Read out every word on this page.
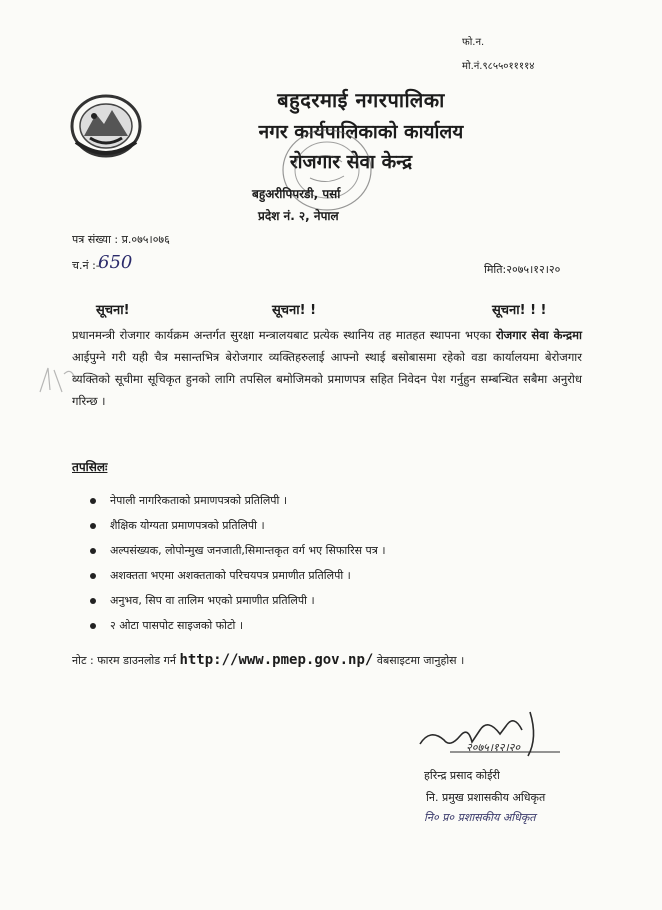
फो.न.
मो.नं.९८५५०११११४
बहुदरमाई नगरपालिका
नगर कार्यपालिकाको कार्यालय
रोजगार सेवा केन्द्र
बहुअरीपिपरडी, पर्सा
प्रदेश नं. २, नेपाल
पत्र संख्या : प्र.०७५।०७६
च.नं :-
650	मिति:२०७५।१२।२०
सूचना!	सूचना! !	सूचना! ! !
प्रधानमन्त्री रोजगार कार्यक्रम अन्तर्गत सुरक्षा मन्त्रालयबाट प्रत्येक स्थानिय तह मातहत स्थापना भएका रोजगार सेवा केन्द्रमा आईपुग्ने गरी यही चैत्र मसान्तभित्र बेरोजगार व्यक्तिहरुलाई आफ्नो स्थाई बसोबासमा रहेको वडा कार्यालयमा बेरोजगार व्यक्तिको सूचीमा सूचिकृत हुनको लागि तपसिल बमोजिमको प्रमाणपत्र सहित निवेदन पेश गर्नुहुन सम्बन्धित सबैमा अनुरोध गरिन्छ ।
तपसिलः
नेपाली नागरिकताको प्रमाणपत्रको प्रतिलिपी ।
शैक्षिक योग्यता प्रमाणपत्रको प्रतिलिपी ।
अल्पसंख्यक, लोपोन्मुख जनजाती,सिमान्तकृत वर्ग भए सिफारिस पत्र ।
अशक्तता भएमा अशक्तताको परिचयपत्र प्रमाणीत प्रतिलिपी ।
अनुभव, सिप वा तालिम भएको प्रमाणीत प्रतिलिपी ।
२ ओटा पासपोट साइजको फोटो ।
नोट : फारम डाउनलोड गर्न http://www.pmep.gov.np/ वेबसाइटमा जानुहोस ।
२०७५।१२।२०
हरिन्द्र प्रसाद कोईरी
नि. प्रमुख प्रशासकीय अधिकृत
नि० प्र० प्रशासकीय अधिकृत
